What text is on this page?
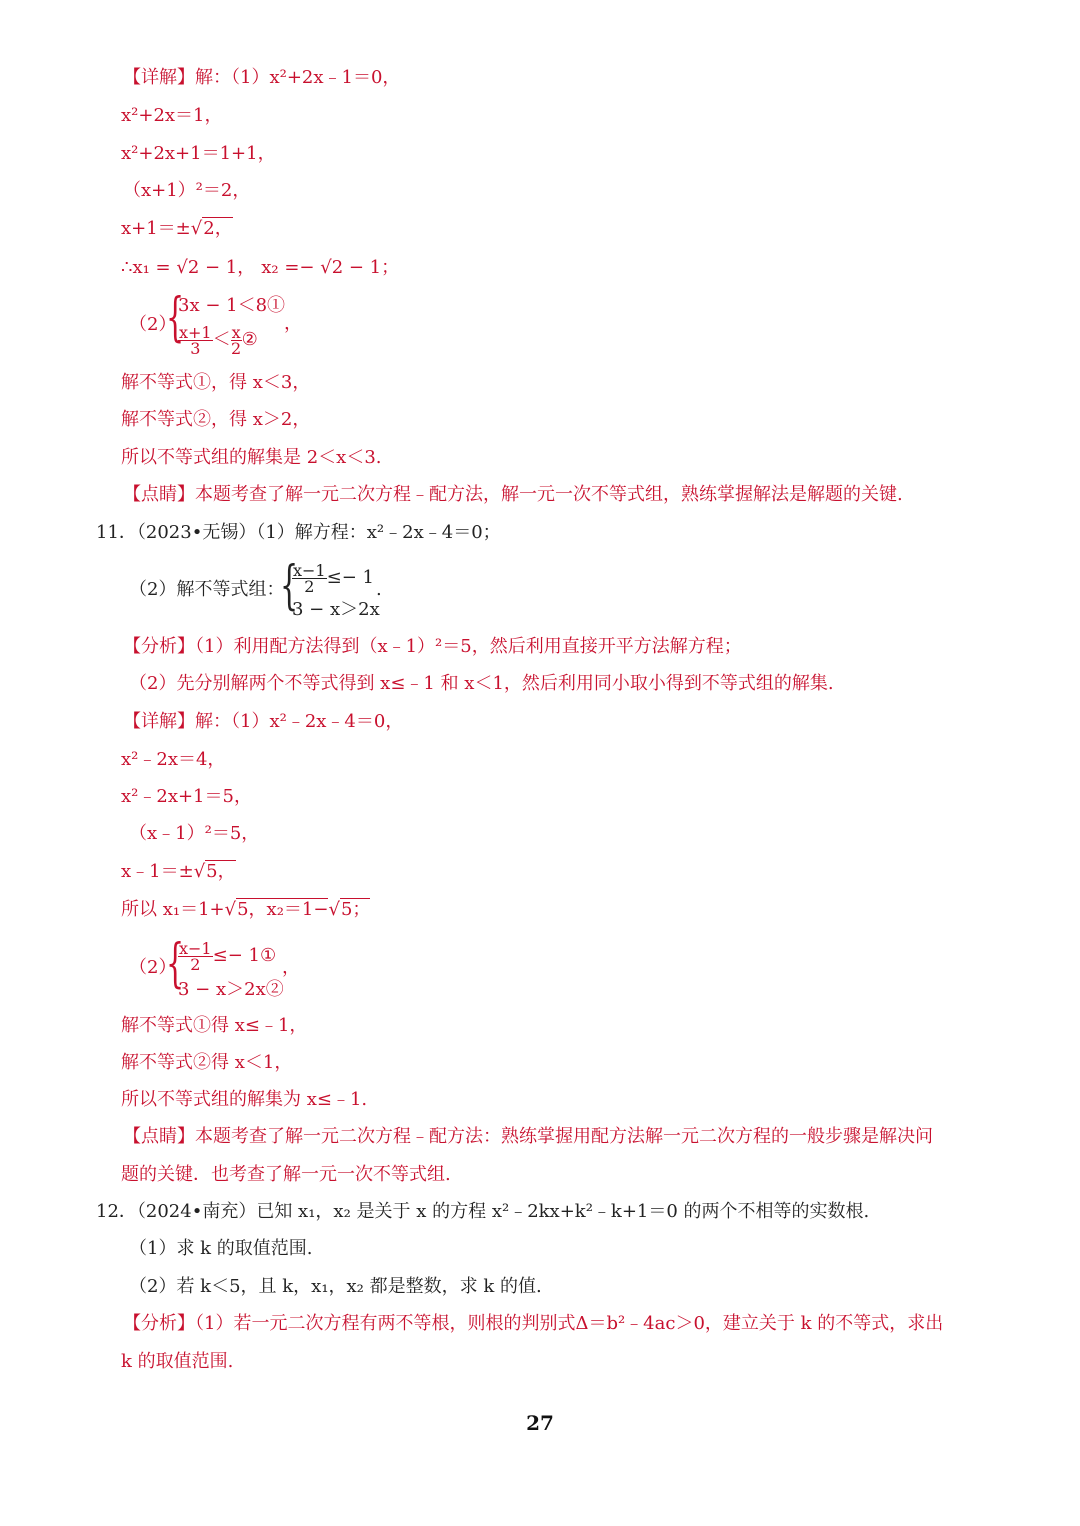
【详解】解：（1）x²+2x﹣1＝0，
x²+2x＝1，
x²+2x+1＝1+1，
（x+1）²＝2，
x+1＝±√2，
∴x₁ = √2 − 1， x₂ =− √2 − 1；
（2）
{
3x − 1＜8①
$\frac{x+1}{3} < \frac{x}{2}$ ②
，
解不等式①，得 x＜3，
解不等式②，得 x＞2，
所以不等式组的解集是 2＜x＜3.
【点睛】本题考查了解一元二次方程﹣配方法，解一元一次不等式组，熟练掌握解法是解题的关键.
11．（2023•无锡）（1）解方程：x²﹣2x﹣4＝0；
（2）解不等式组：
{
$\frac{x-1}{2} \le- 1$
3 − x＞2x
.
【分析】（1）利用配方法得到（x﹣1）²＝5，然后利用直接开平方法解方程；
（2）先分别解两个不等式得到 x≤﹣1 和 x＜1，然后利用同小取小得到不等式组的解集.
【详解】解：（1）x²﹣2x﹣4＝0，
x²﹣2x＝4，
x²﹣2x+1＝5，
（x﹣1）²＝5，
x﹣1＝±√5，
所以 x₁＝1+√5，x₂＝1−√5；
（2）
{
$\frac{x-1}{2}$ ≤− 1①
3 − x＞2x②
，
解不等式①得 x≤﹣1，
解不等式②得 x＜1，
所以不等式组的解集为 x≤﹣1.
【点睛】本题考查了解一元二次方程﹣配方法：熟练掌握用配方法解一元二次方程的一般步骤是解决问
题的关键．也考查了解一元一次不等式组.
12．（2024•南充）已知 x₁，x₂ 是关于 x 的方程 x²﹣2kx+k²﹣k+1＝0 的两个不相等的实数根.
（1）求 k 的取值范围.
（2）若 k＜5，且 k，x₁，x₂ 都是整数，求 k 的值.
【分析】（1）若一元二次方程有两不等根，则根的判别式Δ＝b²﹣4ac＞0，建立关于 k 的不等式，求出
k 的取值范围.
27
